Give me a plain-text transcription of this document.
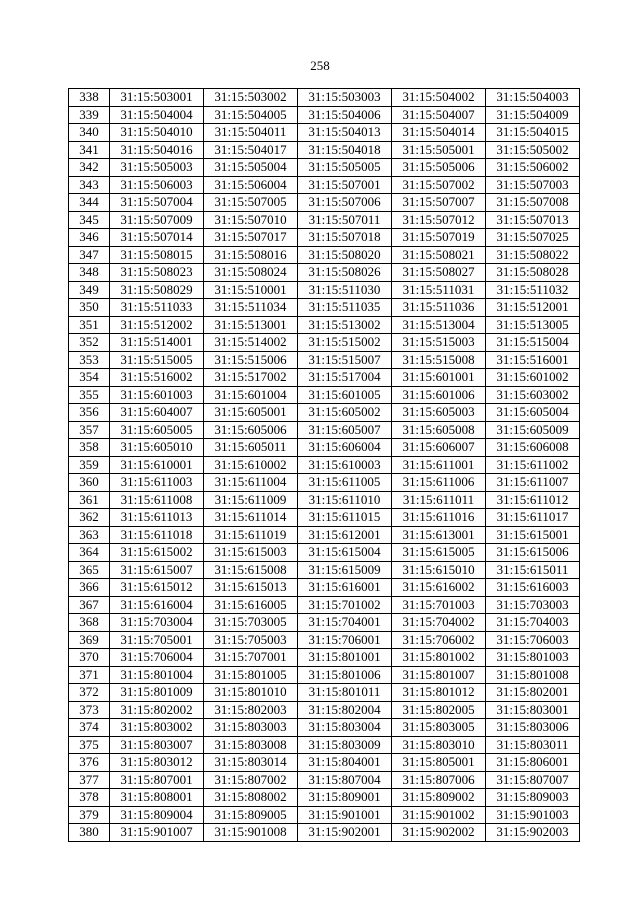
258
338	31:15:503001	31:15:503002	31:15:503003	31:15:504002	31:15:504003
339	31:15:504004	31:15:504005	31:15:504006	31:15:504007	31:15:504009
340	31:15:504010	31:15:504011	31:15:504013	31:15:504014	31:15:504015
341	31:15:504016	31:15:504017	31:15:504018	31:15:505001	31:15:505002
342	31:15:505003	31:15:505004	31:15:505005	31:15:505006	31:15:506002
343	31:15:506003	31:15:506004	31:15:507001	31:15:507002	31:15:507003
344	31:15:507004	31:15:507005	31:15:507006	31:15:507007	31:15:507008
345	31:15:507009	31:15:507010	31:15:507011	31:15:507012	31:15:507013
346	31:15:507014	31:15:507017	31:15:507018	31:15:507019	31:15:507025
347	31:15:508015	31:15:508016	31:15:508020	31:15:508021	31:15:508022
348	31:15:508023	31:15:508024	31:15:508026	31:15:508027	31:15:508028
349	31:15:508029	31:15:510001	31:15:511030	31:15:511031	31:15:511032
350	31:15:511033	31:15:511034	31:15:511035	31:15:511036	31:15:512001
351	31:15:512002	31:15:513001	31:15:513002	31:15:513004	31:15:513005
352	31:15:514001	31:15:514002	31:15:515002	31:15:515003	31:15:515004
353	31:15:515005	31:15:515006	31:15:515007	31:15:515008	31:15:516001
354	31:15:516002	31:15:517002	31:15:517004	31:15:601001	31:15:601002
355	31:15:601003	31:15:601004	31:15:601005	31:15:601006	31:15:603002
356	31:15:604007	31:15:605001	31:15:605002	31:15:605003	31:15:605004
357	31:15:605005	31:15:605006	31:15:605007	31:15:605008	31:15:605009
358	31:15:605010	31:15:605011	31:15:606004	31:15:606007	31:15:606008
359	31:15:610001	31:15:610002	31:15:610003	31:15:611001	31:15:611002
360	31:15:611003	31:15:611004	31:15:611005	31:15:611006	31:15:611007
361	31:15:611008	31:15:611009	31:15:611010	31:15:611011	31:15:611012
362	31:15:611013	31:15:611014	31:15:611015	31:15:611016	31:15:611017
363	31:15:611018	31:15:611019	31:15:612001	31:15:613001	31:15:615001
364	31:15:615002	31:15:615003	31:15:615004	31:15:615005	31:15:615006
365	31:15:615007	31:15:615008	31:15:615009	31:15:615010	31:15:615011
366	31:15:615012	31:15:615013	31:15:616001	31:15:616002	31:15:616003
367	31:15:616004	31:15:616005	31:15:701002	31:15:701003	31:15:703003
368	31:15:703004	31:15:703005	31:15:704001	31:15:704002	31:15:704003
369	31:15:705001	31:15:705003	31:15:706001	31:15:706002	31:15:706003
370	31:15:706004	31:15:707001	31:15:801001	31:15:801002	31:15:801003
371	31:15:801004	31:15:801005	31:15:801006	31:15:801007	31:15:801008
372	31:15:801009	31:15:801010	31:15:801011	31:15:801012	31:15:802001
373	31:15:802002	31:15:802003	31:15:802004	31:15:802005	31:15:803001
374	31:15:803002	31:15:803003	31:15:803004	31:15:803005	31:15:803006
375	31:15:803007	31:15:803008	31:15:803009	31:15:803010	31:15:803011
376	31:15:803012	31:15:803014	31:15:804001	31:15:805001	31:15:806001
377	31:15:807001	31:15:807002	31:15:807004	31:15:807006	31:15:807007
378	31:15:808001	31:15:808002	31:15:809001	31:15:809002	31:15:809003
379	31:15:809004	31:15:809005	31:15:901001	31:15:901002	31:15:901003
380	31:15:901007	31:15:901008	31:15:902001	31:15:902002	31:15:902003
